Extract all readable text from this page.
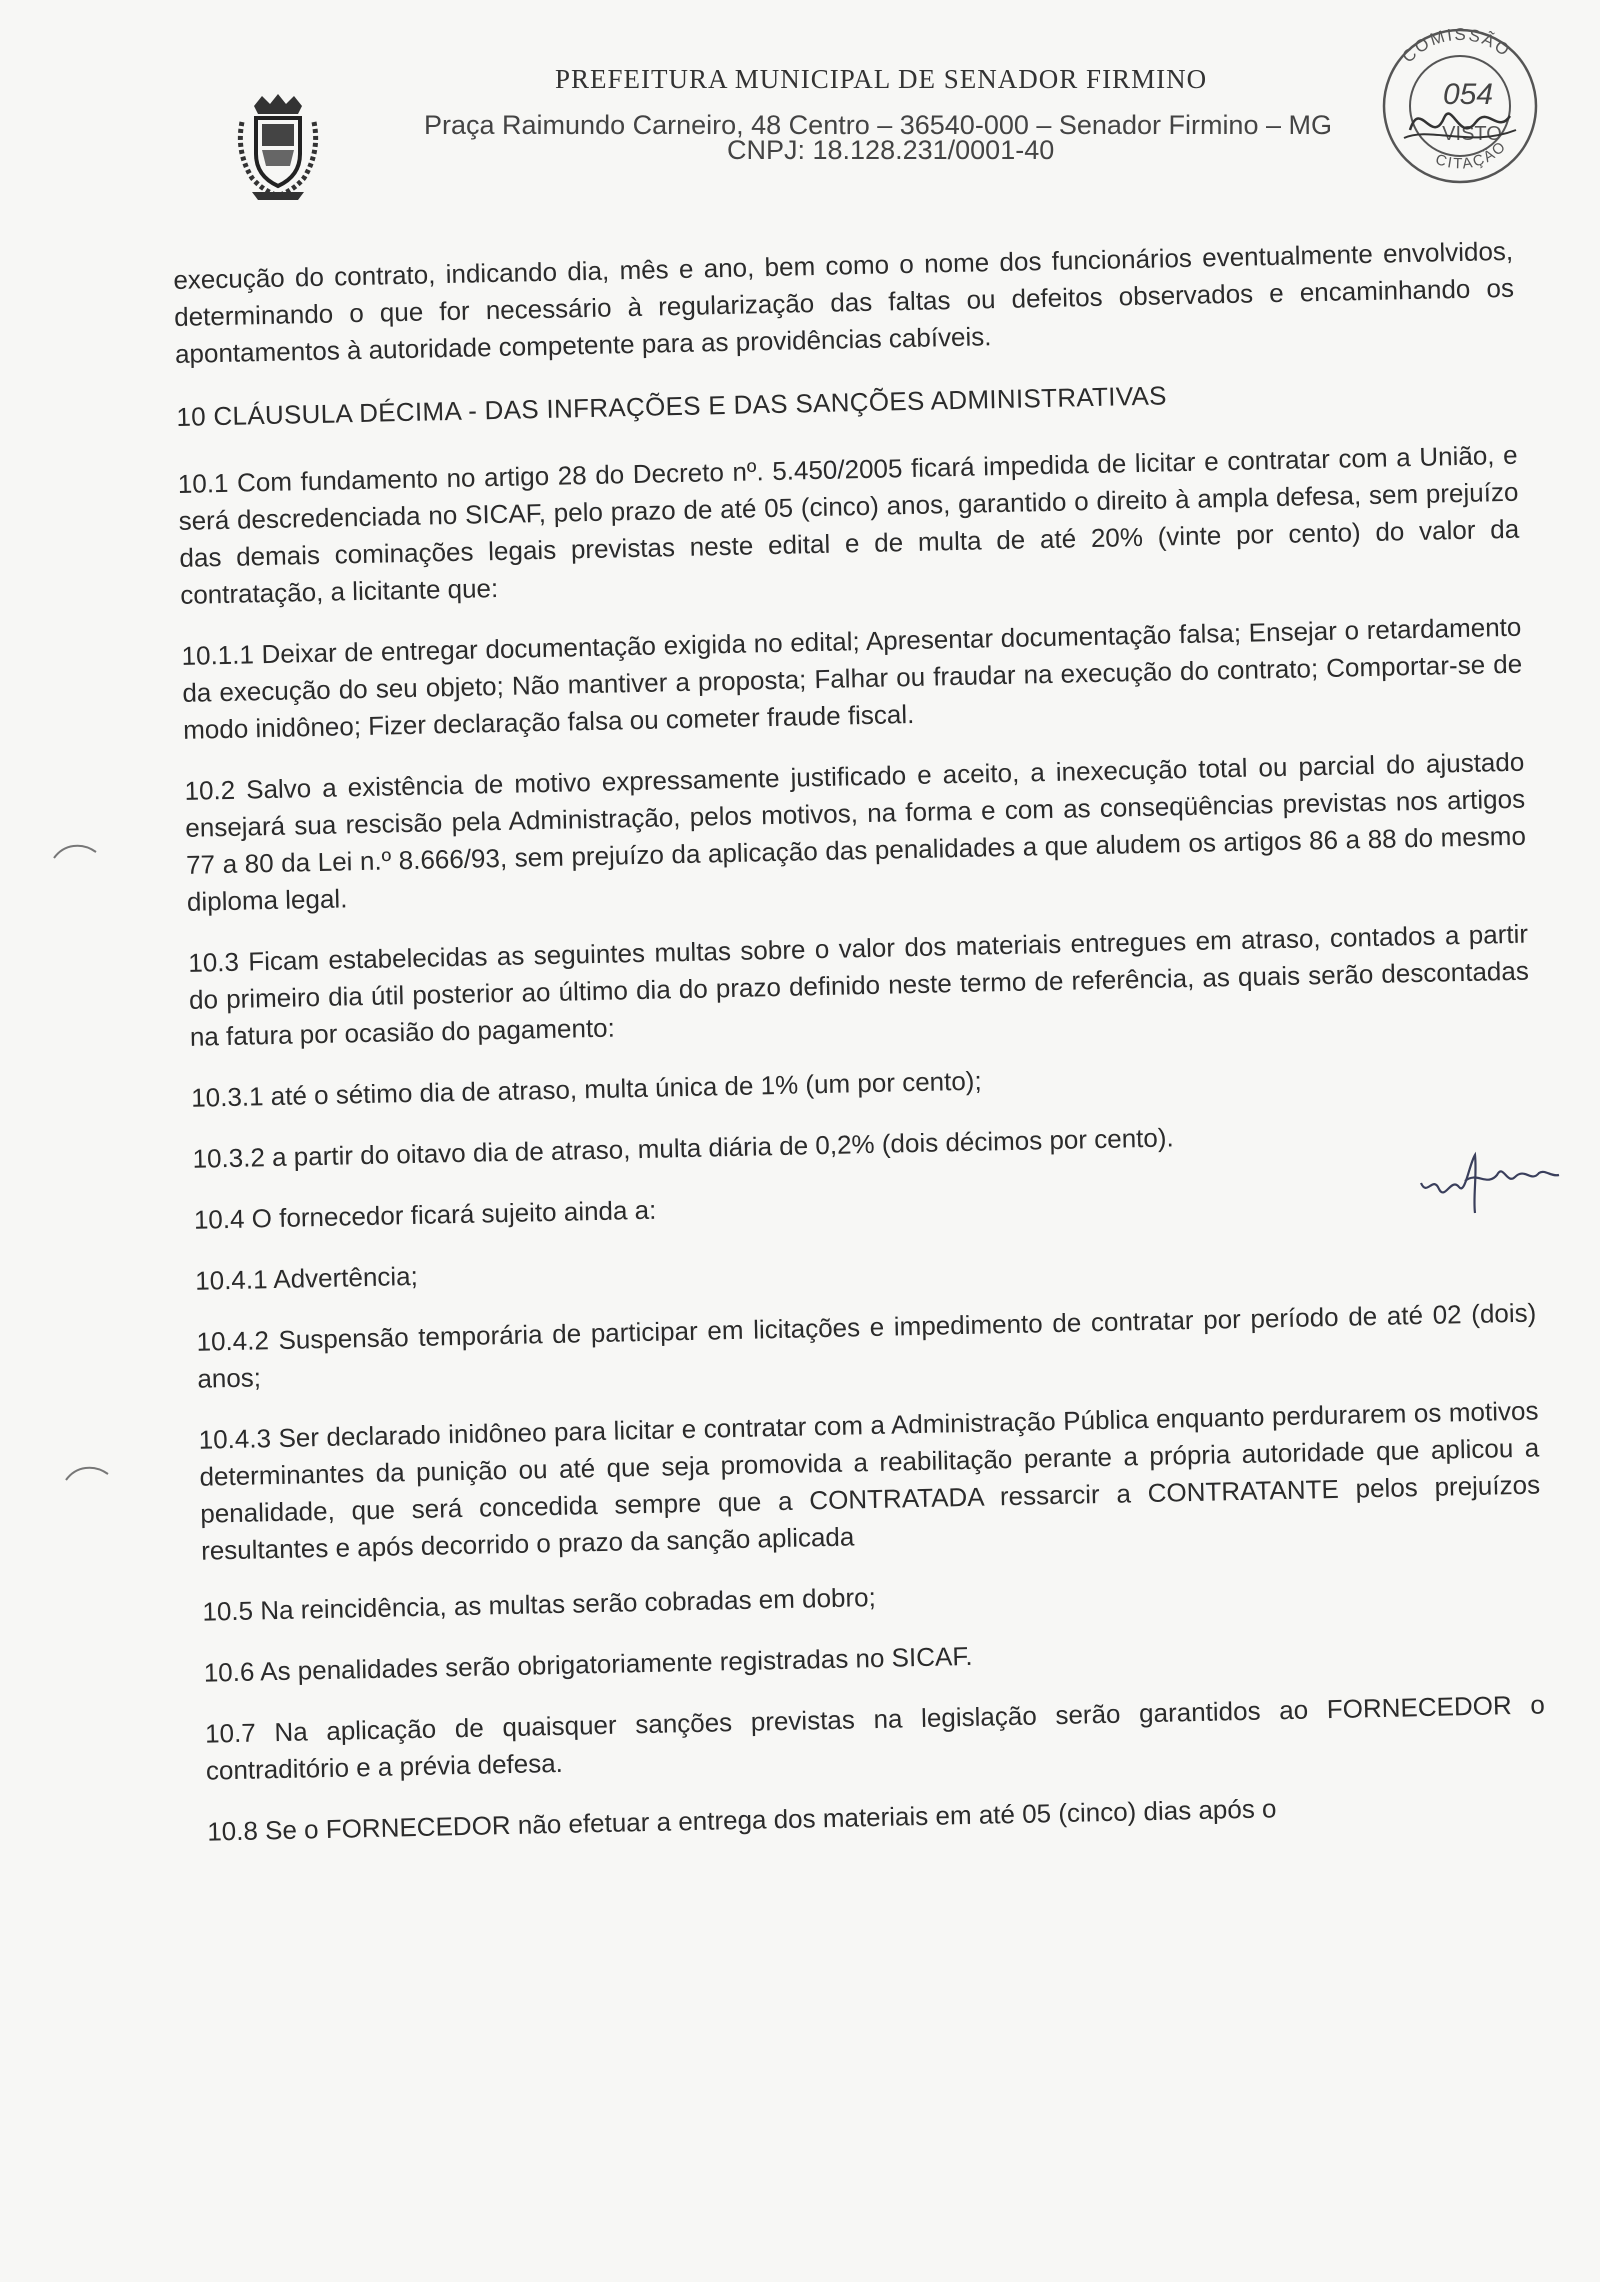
PREFEITURA MUNICIPAL DE SENADOR FIRMINO
Praça Raimundo Carneiro, 48 Centro – 36540-000 – Senador Firmino – MG
CNPJ: 18.128.231/0001-40
COMISSÃO
CITAÇÃO
054
VISTO

execução do contrato, indicando dia, mês e ano, bem como o nome dos funcionários eventualmente envolvidos, determinando o que for necessário à regularização das faltas ou defeitos observados e encaminhando os apontamentos à autoridade competente para as providências cabíveis.

10 CLÁUSULA DÉCIMA - DAS INFRAÇÕES E DAS SANÇÕES ADMINISTRATIVAS

10.1 Com fundamento no artigo 28 do Decreto nº. 5.450/2005 ficará impedida de licitar e contratar com a União, e será descredenciada no SICAF, pelo prazo de até 05 (cinco) anos, garantido o direito à ampla defesa, sem prejuízo das demais cominações legais previstas neste edital e de multa de até 20% (vinte por cento) do valor da contratação, a licitante que:

10.1.1 Deixar de entregar documentação exigida no edital; Apresentar documentação falsa; Ensejar o retardamento da execução do seu objeto; Não mantiver a proposta; Falhar ou fraudar na execução do contrato; Comportar-se de modo inidôneo; Fizer declaração falsa ou cometer fraude fiscal.

10.2 Salvo a existência de motivo expressamente justificado e aceito, a inexecução total ou parcial do ajustado ensejará sua rescisão pela Administração, pelos motivos, na forma e com as conseqüências previstas nos artigos 77 a 80 da Lei n.º 8.666/93, sem prejuízo da aplicação das penalidades a que aludem os artigos 86 a 88 do mesmo diploma legal.

10.3 Ficam estabelecidas as seguintes multas sobre o valor dos materiais entregues em atraso, contados a partir do primeiro dia útil posterior ao último dia do prazo definido neste termo de referência, as quais serão descontadas na fatura por ocasião do pagamento:

10.3.1 até o sétimo dia de atraso, multa única de 1% (um por cento);

10.3.2 a partir do oitavo dia de atraso, multa diária de 0,2% (dois décimos por cento).

10.4 O fornecedor ficará sujeito ainda a:

10.4.1 Advertência;

10.4.2 Suspensão temporária de participar em licitações e impedimento de contratar por período de até 02 (dois) anos;

10.4.3 Ser declarado inidôneo para licitar e contratar com a Administração Pública enquanto perdurarem os motivos determinantes da punição ou até que seja promovida a reabilitação perante a própria autoridade que aplicou a penalidade, que será concedida sempre que a CONTRATADA ressarcir a CONTRATANTE pelos prejuízos resultantes e após decorrido o prazo da sanção aplicada

10.5 Na reincidência, as multas serão cobradas em dobro;

10.6 As penalidades serão obrigatoriamente registradas no SICAF.

10.7 Na aplicação de quaisquer sanções previstas na legislação serão garantidos ao FORNECEDOR o contraditório e a prévia defesa.

10.8 Se o FORNECEDOR não efetuar a entrega dos materiais em até 05 (cinco) dias após o
